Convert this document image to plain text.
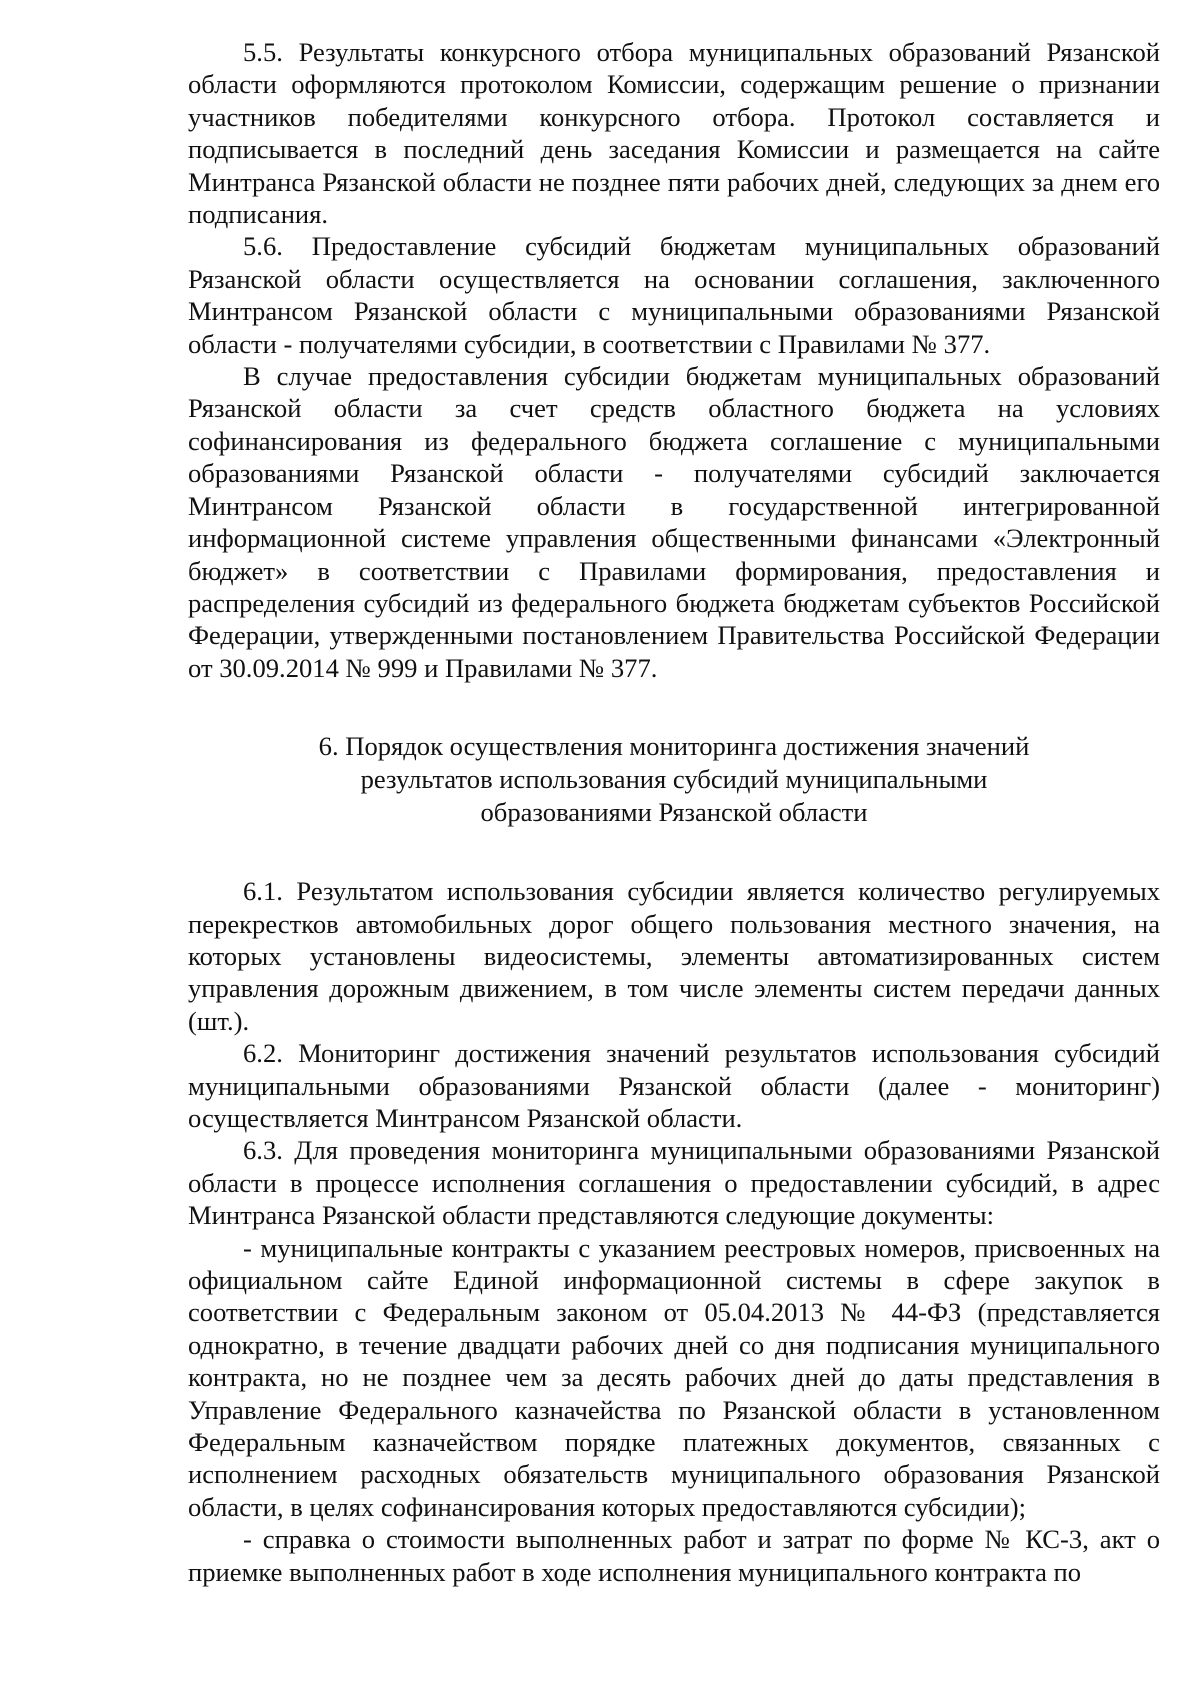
5.5. Результаты конкурсного отбора муниципальных образований Рязанской области оформляются протоколом Комиссии, содержащим решение о признании участников победителями конкурсного отбора. Протокол составляется и подписывается в последний день заседания Комиссии и размещается на сайте Минтранса Рязанской области не позднее пяти рабочих дней, следующих за днем его подписания.

5.6. Предоставление субсидий бюджетам муниципальных образований Рязанской области осуществляется на основании соглашения, заключенного Минтрансом Рязанской области с муниципальными образованиями Рязанской области - получателями субсидии, в соответствии с Правилами № 377.

В случае предоставления субсидии бюджетам муниципальных образований Рязанской области за счет средств областного бюджета на условиях софинансирования из федерального бюджета соглашение с муниципальными образованиями Рязанской области - получателями субсидий заключается Минтрансом Рязанской области в государственной интегрированной информационной системе управления общественными финансами «Электронный бюджет» в соответствии с Правилами формирования, предоставления и распределения субсидий из федерального бюджета бюджетам субъектов Российской Федерации, утвержденными постановлением Правительства Российской Федерации от 30.09.2014 № 999 и Правилами № 377.

6. Порядок осуществления мониторинга достижения значений
результатов использования субсидий муниципальными
образованиями Рязанской области

6.1. Результатом использования субсидии является количество регулируемых перекрестков автомобильных дорог общего пользования местного значения, на которых установлены видеосистемы, элементы автоматизированных систем управления дорожным движением, в том числе элементы систем передачи данных (шт.).

6.2. Мониторинг достижения значений результатов использования субсидий муниципальными образованиями Рязанской области (далее - мониторинг) осуществляется Минтрансом Рязанской области.

6.3. Для проведения мониторинга муниципальными образованиями Рязанской области в процессе исполнения соглашения о предоставлении субсидий, в адрес Минтранса Рязанской области представляются следующие документы:

- муниципальные контракты с указанием реестровых номеров, присвоенных на официальном сайте Единой информационной системы в сфере закупок в соответствии с Федеральным законом от 05.04.2013 № 44-ФЗ (представляется однократно, в течение двадцати рабочих дней со дня подписания муниципального контракта, но не позднее чем за десять рабочих дней до даты представления в Управление Федерального казначейства по Рязанской области в установленном Федеральным казначейством порядке платежных документов, связанных с исполнением расходных обязательств муниципального образования Рязанской области, в целях софинансирования которых предоставляются субсидии);

- справка о стоимости выполненных работ и затрат по форме № КС-3, акт о приемке выполненных работ в ходе исполнения муниципального контракта по
